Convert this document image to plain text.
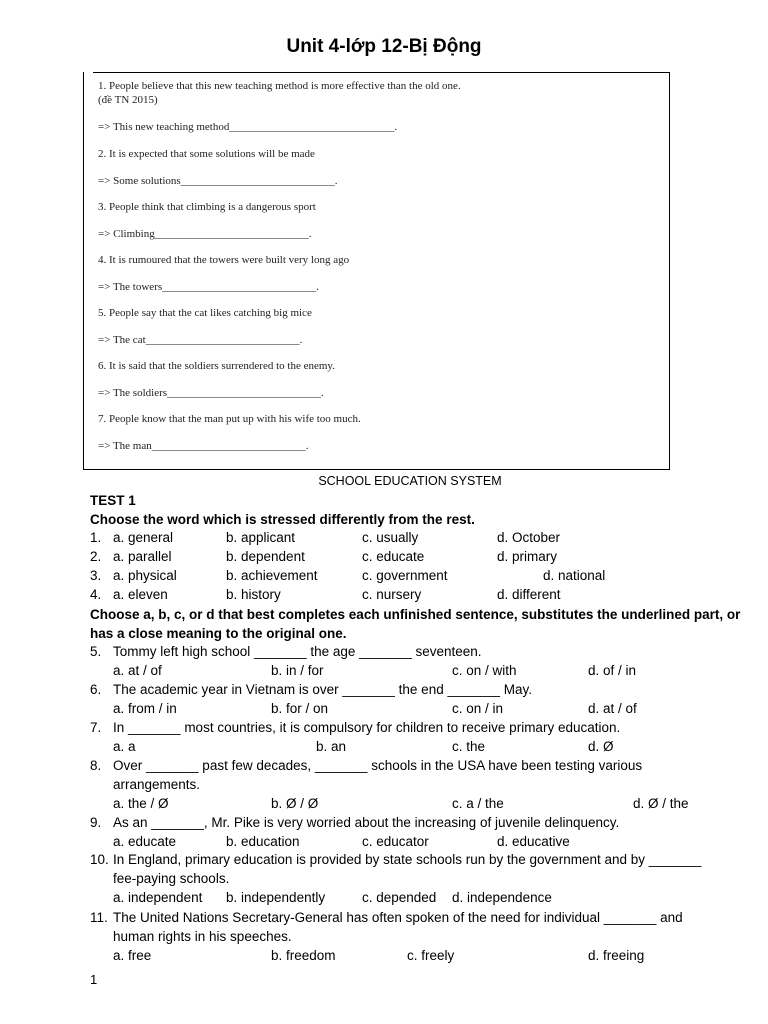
Unit 4-lớp 12-Bị Động
1. People believe that this new teaching method is more effective than the old one.
(đề TN 2015)
=> This new teaching method______________________________.
2. It is expected that some solutions will be made
=> Some solutions____________________________.
3. People think that climbing is a dangerous sport
=> Climbing____________________________.
4. It is rumoured that the towers were built very long ago
=> The towers____________________________.
5. People say that the cat likes catching big mice
=> The cat____________________________.
6. It is said that the soldiers surrendered to the enemy.
=> The soldiers____________________________.
7. People know that the man put up with his wife too much.
=> The man____________________________.
SCHOOL EDUCATION SYSTEM
TEST 1
Choose the word which is stressed differently from the rest.
1. a. general	b. applicant	c. usually	d. October
2. a. parallel	b. dependent	c. educate	d. primary
3. a. physical	b. achievement	c. government	d. national
4. a. eleven	b. history	c. nursery	d. different
Choose a, b, c, or d that best completes each unfinished sentence, substitutes the underlined part, or
has a close meaning to the original one.
5. Tommy left high school _______ the age _______ seventeen.
a. at / of	b. in / for	c. on / with	d. of / in
6. The academic year in Vietnam is over _______ the end _______ May.
a. from / in	b. for / on	c. on / in	d. at / of
7. In _______ most countries, it is compulsory for children to receive primary education.
a. a	b. an	c. the	d. Ø
8. Over _______ past few decades, _______ schools in the USA have been testing various
arrangements.
a. the / Ø	b. Ø / Ø	c. a / the	d. Ø / the
9. As an _______, Mr. Pike is very worried about the increasing of juvenile delinquency.
a. educate	b. education	c. educator	d. educative
10. In England, primary education is provided by state schools run by the government and by _______
fee-paying schools.
a. independent b. independently	c. depended d. independence
11. The United Nations Secretary-General has often spoken of the need for individual _______ and
human rights in his speeches.
a. free	b. freedom	c. freely	d. freeing
1
